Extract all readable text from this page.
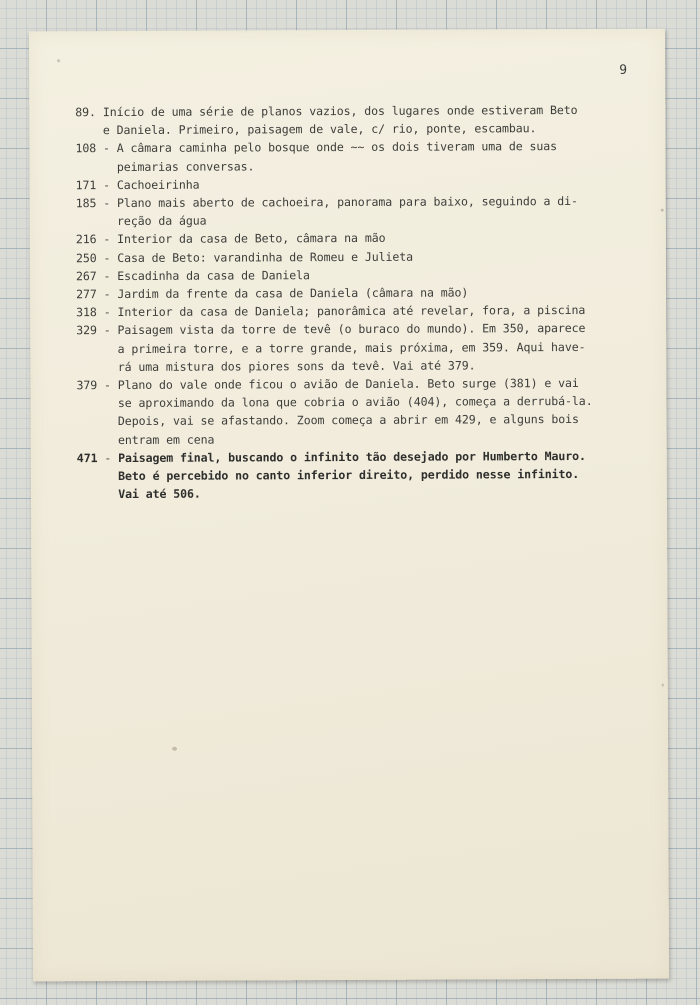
9
89.
Início de uma série de planos vazios, dos lugares onde estiveram Beto
e Daniela. Primeiro, paisagem de vale, c/ rio, ponte, escambau.
108 - A câmara caminha pelo bosque onde ~~ os dois tiveram uma de suas
peimarias conversas.
171 - Cachoeirinha
185 - Plano mais aberto de cachoeira, panorama para baixo, seguindo a di-
reção da água
216 - Interior da casa de Beto, câmara na mão
250 - Casa de Beto: varandinha de Romeu e Julieta
267 - Escadinha da casa de Daniela
277 - Jardim da frente da casa de Daniela (câmara na mão)
318 - Interior da casa de Daniela; panorâmica até revelar, fora, a piscina
329 - Paisagem vista da torre de tevê (o buraco do mundo). Em 350, aparece
a primeira torre, e a torre grande, mais próxima, em 359. Aqui have-
rá uma mistura dos piores sons da tevê. Vai até 379.
379 - Plano do vale onde ficou o avião de Daniela. Beto surge (381) e vai
se aproximando da lona que cobria o avião (404), começa a derrubá-la.
Depois, vai se afastando. Zoom começa a abrir em 429, e alguns bois
entram em cena
471 - Paisagem final, buscando o infinito tão desejado por Humberto Mauro.
Beto é percebido no canto inferior direito, perdido nesse infinito.
Vai até 506.
